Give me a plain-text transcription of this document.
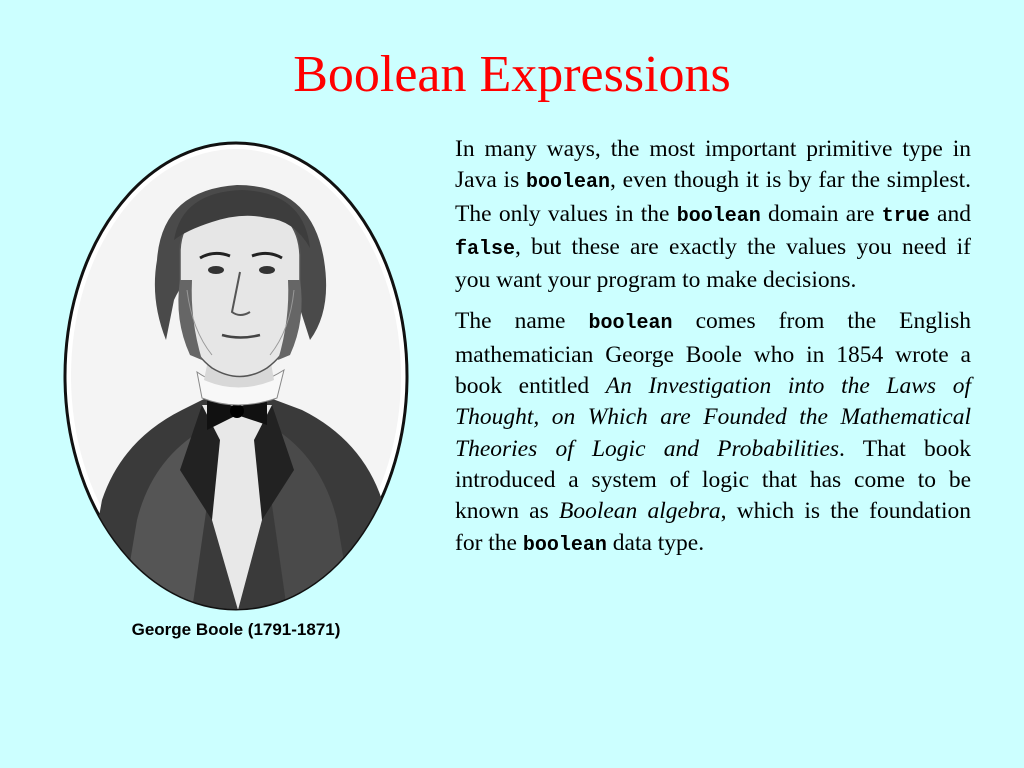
Boolean Expressions
George Boole (1791-1871)

In many ways, the most important primitive type in Java is boolean, even though it is by far the simplest. The only values in the boolean domain are true and false, but these are exactly the values you need if you want your program to make decisions.

The name boolean comes from the English mathematician George Boole who in 1854 wrote a book entitled An Investigation into the Laws of Thought, on Which are Founded the Mathematical Theories of Logic and Probabilities. That book introduced a system of logic that has come to be known as Boolean algebra, which is the foundation for the boolean data type.
